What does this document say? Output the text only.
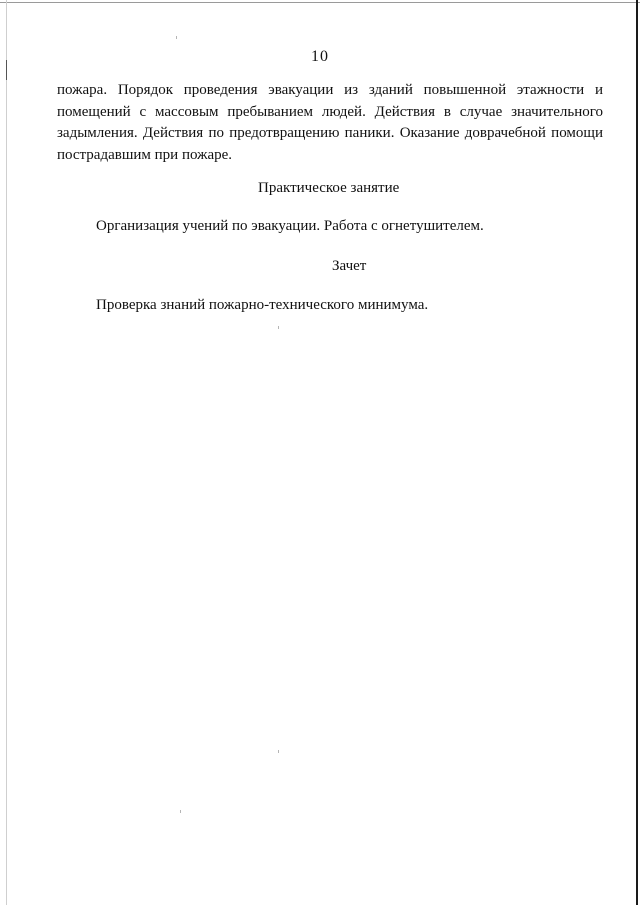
10
пожара. Порядок проведения эвакуации из зданий повышенной этажности и
помещений с массовым пребыванием людей. Действия в случае значительного
задымления. Действия по предотвращению паники. Оказание доврачебной помощи
пострадавшим при пожаре.
Практическое занятие
Организация учений по эвакуации. Работа с огнетушителем.
Зачет
Проверка знаний пожарно-технического минимума.
